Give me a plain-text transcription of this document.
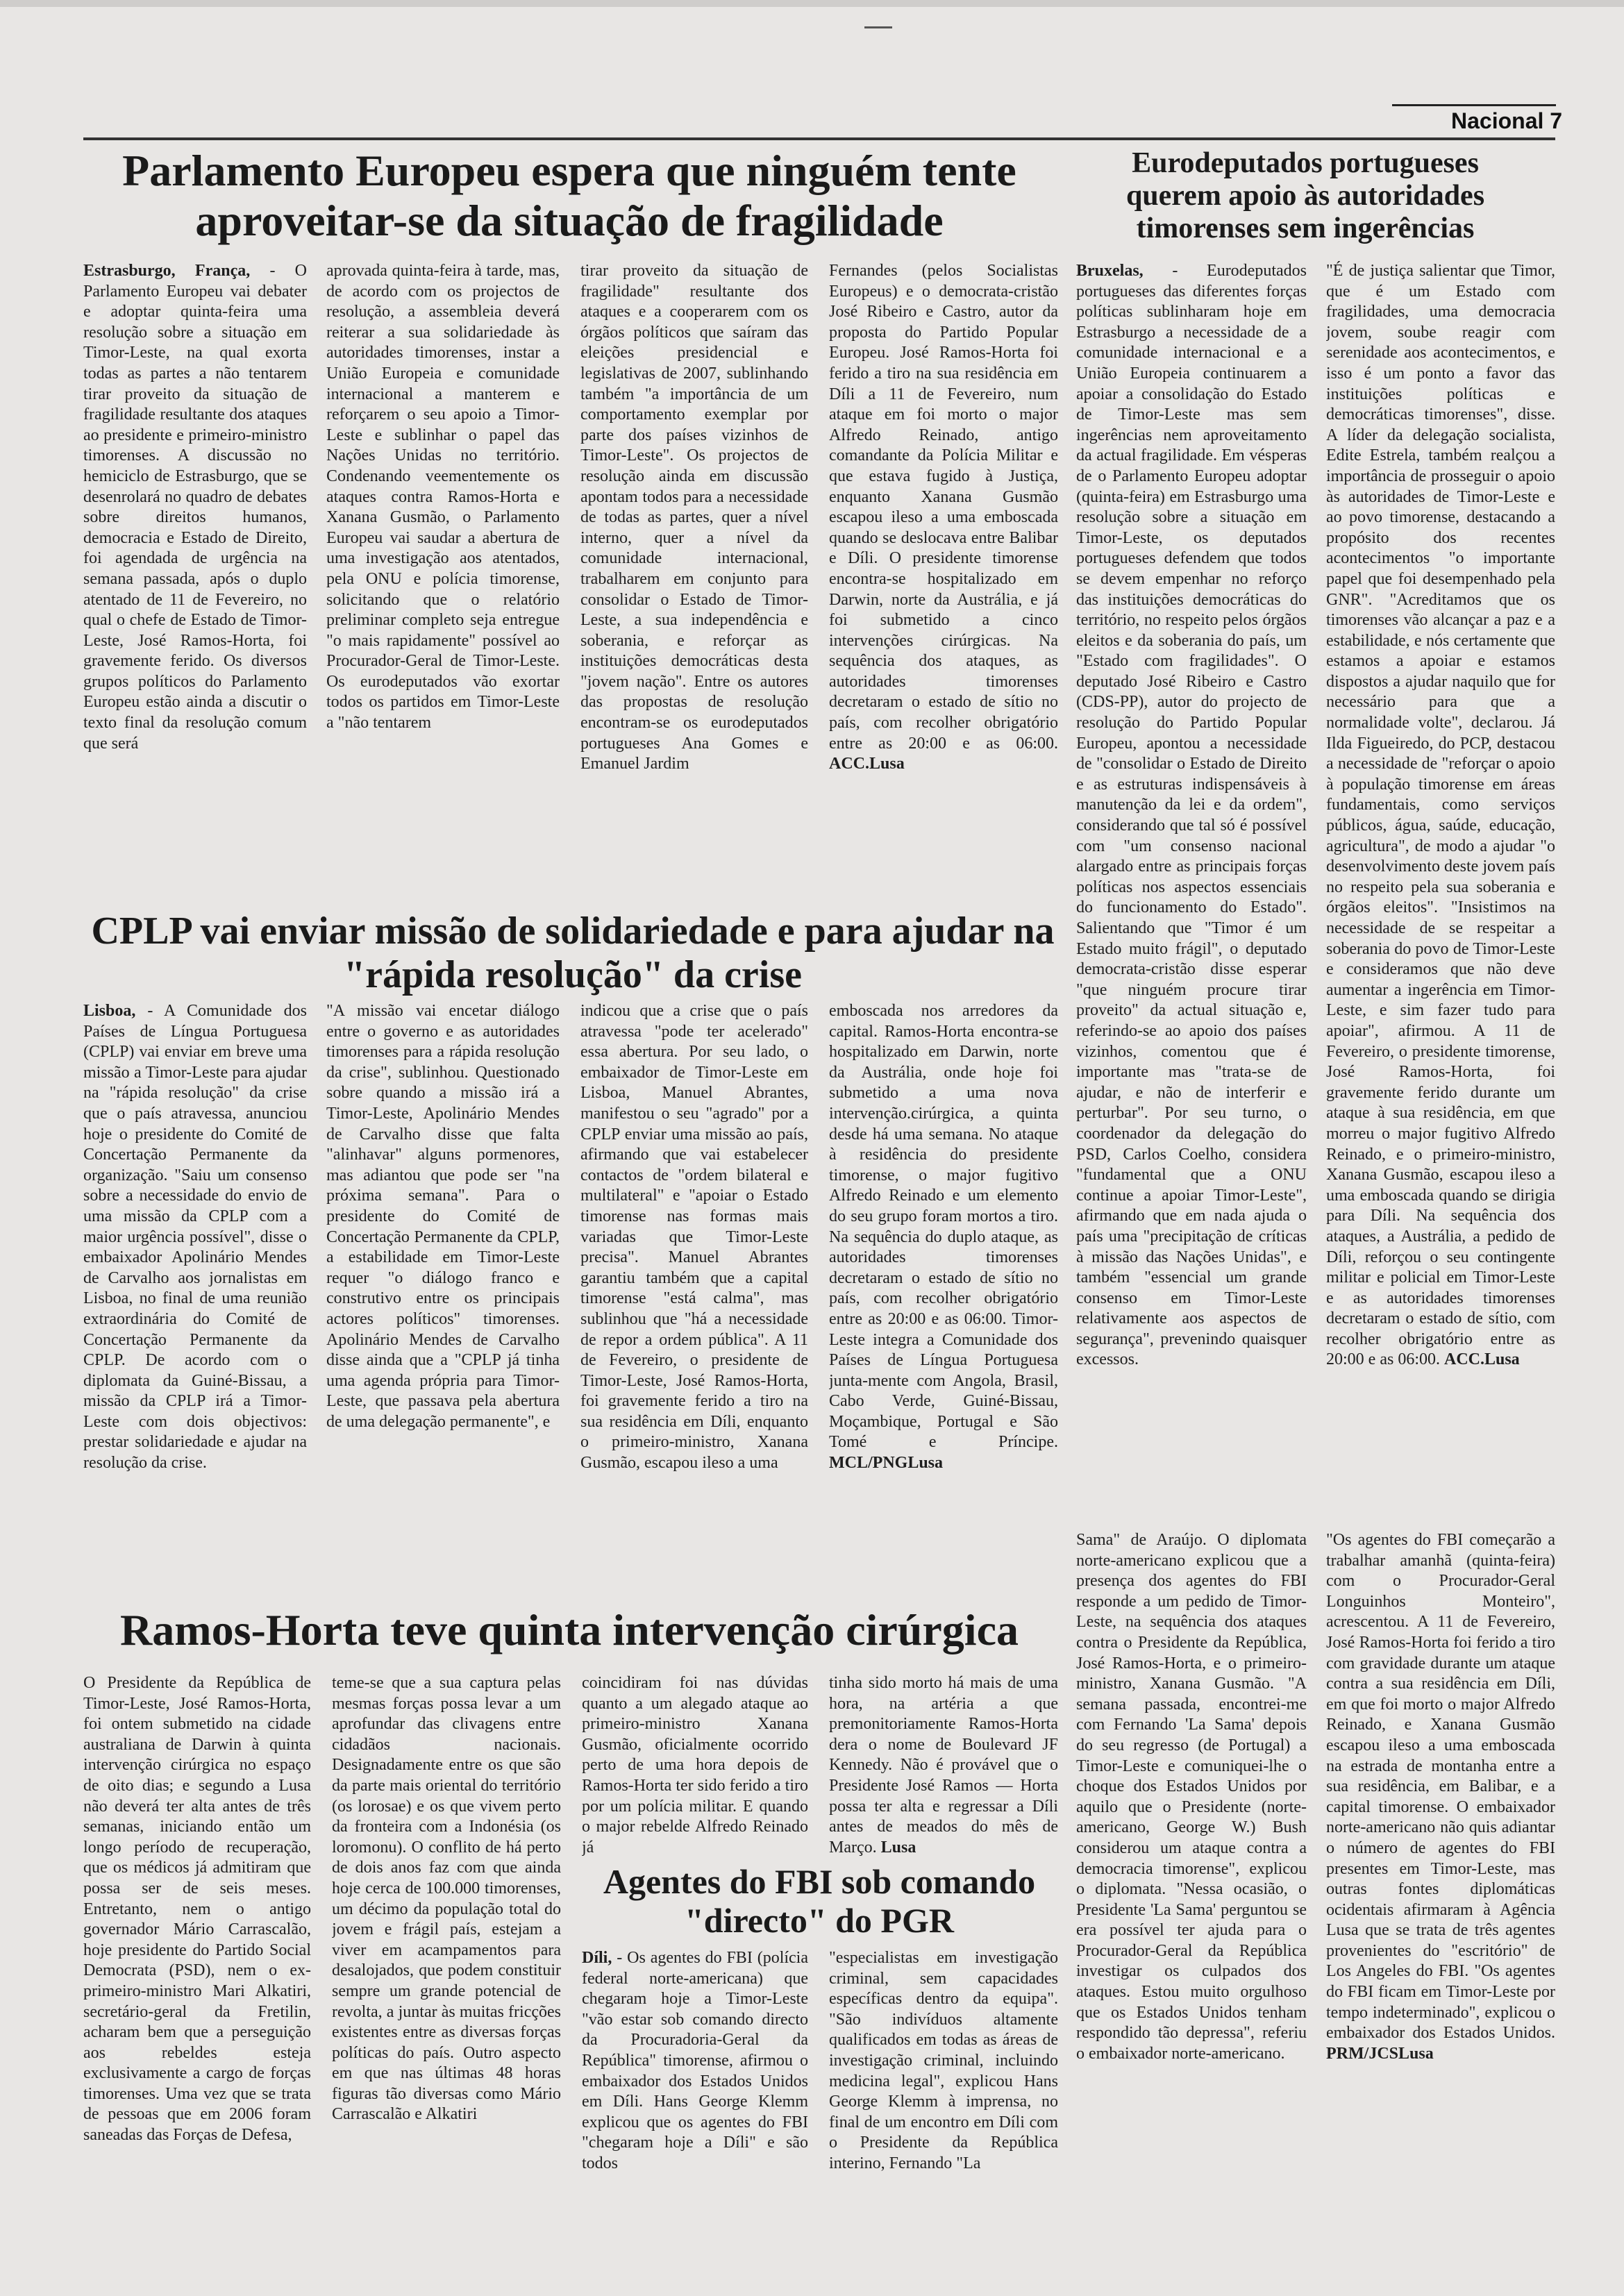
Nacional 7
Parlamento Europeu espera que ninguém tente aproveitar-se da situação de fragilidade

Estrasburgo, França, - O Parlamento Europeu vai debater e adoptar quinta-feira uma resolução sobre a situação em Timor-Leste, na qual exorta todas as partes a não tentarem tirar proveito da situação de fragilidade resultante dos ataques ao presidente e primeiro-ministro timorenses. A discussão no hemiciclo de Estrasburgo, que se desenrolará no quadro de debates sobre direitos humanos, democracia e Estado de Direito, foi agendada de urgência na semana passada, após o duplo atentado de 11 de Fevereiro, no qual o chefe de Estado de Timor-Leste, José Ramos-Horta, foi gravemente ferido. Os diversos grupos políticos do Parlamento Europeu estão ainda a discutir o texto final da resolução comum que será

aprovada quinta-feira à tarde, mas, de acordo com os projectos de resolução, a assembleia deverá reiterar a sua solidariedade às autoridades timorenses, instar a União Europeia e comunidade internacional a manterem e reforçarem o seu apoio a Timor-Leste e sublinhar o papel das Nações Unidas no território. Condenando veementemente os ataques contra Ramos-Horta e Xanana Gusmão, o Parlamento Europeu vai saudar a abertura de uma investigação aos atentados, pela ONU e polícia timorense, solicitando que o relatório preliminar completo seja entregue "o mais rapidamente" possível ao Procurador-Geral de Timor-Leste. Os eurodeputados vão exortar todos os partidos em Timor-Leste a "não tentarem

tirar proveito da situação de fragilidade" resultante dos ataques e a cooperarem com os órgãos políticos que saíram das eleições presidencial e legislativas de 2007, sublinhando também "a importância de um comportamento exemplar por parte dos países vizinhos de Timor-Leste". Os projectos de resolução ainda em discussão apontam todos para a necessidade de todas as partes, quer a nível interno, quer a nível da comunidade internacional, trabalharem em conjunto para consolidar o Estado de Timor-Leste, a sua independência e soberania, e reforçar as instituições democráticas desta "jovem nação". Entre os autores das propostas de resolução encontram-se os eurodeputados portugueses Ana Gomes e Emanuel Jardim

Fernandes (pelos Socialistas Europeus) e o democrata-cristão José Ribeiro e Castro, autor da proposta do Partido Popular Europeu. José Ramos-Horta foi ferido a tiro na sua residência em Díli a 11 de Fevereiro, num ataque em foi morto o major Alfredo Reinado, antigo comandante da Polícia Militar e que estava fugido à Justiça, enquanto Xanana Gusmão escapou ileso a uma emboscada quando se deslocava entre Balibar e Díli. O presidente timorense encontra-se hospitalizado em Darwin, norte da Austrália, e já foi submetido a cinco intervenções cirúrgicas. Na sequência dos ataques, as autoridades timorenses decretaram o estado de sítio no país, com recolher obrigatório entre as 20:00 e as 06:00. ACC.Lusa

Eurodeputados portugueses querem apoio às autoridades timorenses sem ingerências

Bruxelas, - Eurodeputados portugueses das diferentes forças políticas sublinharam hoje em Estrasburgo a necessidade de a comunidade internacional e a União Europeia continuarem a apoiar a consolidação do Estado de Timor-Leste mas sem ingerências nem aproveitamento da actual fragilidade. Em vésperas de o Parlamento Europeu adoptar (quinta-feira) em Estrasburgo uma resolução sobre a situação em Timor-Leste, os deputados portugueses defendem que todos se devem empenhar no reforço das instituições democráticas do território, no respeito pelos órgãos eleitos e da soberania do país, um "Estado com fragilidades". O deputado José Ribeiro e Castro (CDS-PP), autor do projecto de resolução do Partido Popular Europeu, apontou a necessidade de "consolidar o Estado de Direito e as estruturas indispensáveis à manutenção da lei e da ordem", considerando que tal só é possível com "um consenso nacional alargado entre as principais forças políticas nos aspectos essenciais do funcionamento do Estado". Salientando que "Timor é um Estado muito frágil", o deputado democrata-cristão disse esperar "que ninguém procure tirar proveito" da actual situação e, referindo-se ao apoio dos países vizinhos, comentou que é importante mas "trata-se de ajudar, e não de interferir e perturbar". Por seu turno, o coordenador da delegação do PSD, Carlos Coelho, considera "fundamental que a ONU continue a apoiar Timor-Leste", afirmando que em nada ajuda o país uma "precipitação de críticas à missão das Nações Unidas", e também "essencial um grande consenso em Timor-Leste relativamente aos aspectos de segurança", prevenindo quaisquer excessos.

"É de justiça salientar que Timor, que é um Estado com fragilidades, uma democracia jovem, soube reagir com serenidade aos acontecimentos, e isso é um ponto a favor das instituições políticas e democráticas timorenses", disse. A líder da delegação socialista, Edite Estrela, também realçou a importância de prosseguir o apoio às autoridades de Timor-Leste e ao povo timorense, destacando a propósito dos recentes acontecimentos "o importante papel que foi desempenhado pela GNR". "Acreditamos que os timorenses vão alcançar a paz e a estabilidade, e nós certamente que estamos a apoiar e estamos dispostos a ajudar naquilo que for necessário para que a normalidade volte", declarou. Já Ilda Figueiredo, do PCP, destacou a necessidade de "reforçar o apoio à população timorense em áreas fundamentais, como serviços públicos, água, saúde, educação, agricultura", de modo a ajudar "o desenvolvimento deste jovem país no respeito pela sua soberania e órgãos eleitos". "Insistimos na necessidade de se respeitar a soberania do povo de Timor-Leste e consideramos que não deve aumentar a ingerência em Timor-Leste, e sim fazer tudo para apoiar", afirmou. A 11 de Fevereiro, o presidente timorense, José Ramos-Horta, foi gravemente ferido durante um ataque à sua residência, em que morreu o major fugitivo Alfredo Reinado, e o primeiro-ministro, Xanana Gusmão, escapou ileso a uma emboscada quando se dirigia para Díli. Na sequência dos ataques, a Austrália, a pedido de Díli, reforçou o seu contingente militar e policial em Timor-Leste e as autoridades timorenses decretaram o estado de sítio, com recolher obrigatório entre as 20:00 e as 06:00. ACC.Lusa

CPLP vai enviar missão de solidariedade e para ajudar na "rápida resolução" da crise

Lisboa, - A Comunidade dos Países de Língua Portuguesa (CPLP) vai enviar em breve uma missão a Timor-Leste para ajudar na "rápida resolução" da crise que o país atravessa, anunciou hoje o presidente do Comité de Concertação Permanente da organização. "Saiu um consenso sobre a necessidade do envio de uma missão da CPLP com a maior urgência possível", disse o embaixador Apolinário Mendes de Carvalho aos jornalistas em Lisboa, no final de uma reunião extraordinária do Comité de Concertação Permanente da CPLP. De acordo com o diplomata da Guiné-Bissau, a missão da CPLP irá a Timor-Leste com dois objectivos: prestar solidariedade e ajudar na resolução da crise.

"A missão vai encetar diálogo entre o governo e as autoridades timorenses para a rápida resolução da crise", sublinhou. Questionado sobre quando a missão irá a Timor-Leste, Apolinário Mendes de Carvalho disse que falta "alinhavar" alguns pormenores, mas adiantou que pode ser "na próxima semana". Para o presidente do Comité de Concertação Permanente da CPLP, a estabilidade em Timor-Leste requer "o diálogo franco e construtivo entre os principais actores políticos" timorenses. Apolinário Mendes de Carvalho disse ainda que a "CPLP já tinha uma agenda própria para Timor-Leste, que passava pela abertura de uma delegação permanente", e

indicou que a crise que o país atravessa "pode ter acelerado" essa abertura. Por seu lado, o embaixador de Timor-Leste em Lisboa, Manuel Abrantes, manifestou o seu "agrado" por a CPLP enviar uma missão ao país, afirmando que vai estabelecer contactos de "ordem bilateral e multilateral" e "apoiar o Estado timorense nas formas mais variadas que Timor-Leste precisa". Manuel Abrantes garantiu também que a capital timorense "está calma", mas sublinhou que "há a necessidade de repor a ordem pública". A 11 de Fevereiro, o presidente de Timor-Leste, José Ramos-Horta, foi gravemente ferido a tiro na sua residência em Díli, enquanto o primeiro-ministro, Xanana Gusmão, escapou ileso a uma

emboscada nos arredores da capital. Ramos-Horta encontra-se hospitalizado em Darwin, norte da Austrália, onde hoje foi submetido a uma nova intervenção.cirúrgica, a quinta desde há uma semana. No ataque à residência do presidente timorense, o major fugitivo Alfredo Reinado e um elemento do seu grupo foram mortos a tiro. Na sequência do duplo ataque, as autoridades timorenses decretaram o estado de sítio no país, com recolher obrigatório entre as 20:00 e as 06:00. Timor-Leste integra a Comunidade dos Países de Língua Portuguesa junta-mente com Angola, Brasil, Cabo Verde, Guiné-Bissau, Moçambique, Portugal e São Tomé e Príncipe. MCL/PNGLusa

Ramos-Horta teve quinta intervenção cirúrgica

O Presidente da República de Timor-Leste, José Ramos-Horta, foi ontem submetido na cidade australiana de Darwin à quinta intervenção cirúrgica no espaço de oito dias; e segundo a Lusa não deverá ter alta antes de três semanas, iniciando então um longo período de recuperação, que os médicos já admitiram que possa ser de seis meses. Entretanto, nem o antigo governador Mário Carrascalão, hoje presidente do Partido Social Democrata (PSD), nem o ex-primeiro-ministro Mari Alkatiri, secretário-geral da Fretilin, acharam bem que a perseguição aos rebeldes esteja exclusivamente a cargo de forças timorenses. Uma vez que se trata de pessoas que em 2006 foram saneadas das Forças de Defesa,

teme-se que a sua captura pelas mesmas forças possa levar a um aprofundar das clivagens entre cidadãos nacionais. Designadamente entre os que são da parte mais oriental do território (os lorosae) e os que vivem perto da fronteira com a Indonésia (os loromonu). O conflito de há perto de dois anos faz com que ainda hoje cerca de 100.000 timorenses, um décimo da população total do jovem e frágil país, estejam a viver em acampamentos para desalojados, que podem constituir sempre um grande potencial de revolta, a juntar às muitas fricções existentes entre as diversas forças políticas do país. Outro aspecto em que nas últimas 48 horas figuras tão diversas como Mário Carrascalão e Alkatiri

coincidiram foi nas dúvidas quanto a um alegado ataque ao primeiro-ministro Xanana Gusmão, oficialmente ocorrido perto de uma hora depois de Ramos-Horta ter sido ferido a tiro por um polícia militar. E quando o major rebelde Alfredo Reinado já

tinha sido morto há mais de uma hora, na artéria a que premonitoriamente Ramos-Horta dera o nome de Boulevard JF Kennedy. Não é provável que o Presidente José Ramos — Horta possa ter alta e regressar a Díli antes de meados do mês de Março. Lusa

Agentes do FBI sob comando "directo" do PGR

Díli, - Os agentes do FBI (polícia federal norte-americana) que chegaram hoje a Timor-Leste "vão estar sob comando directo da Procuradoria-Geral da República" timorense, afirmou o embaixador dos Estados Unidos em Díli. Hans George Klemm explicou que os agentes do FBI "chegaram hoje a Díli" e são todos

"especialistas em investigação criminal, sem capacidades específicas dentro da equipa". "São indivíduos altamente qualificados em todas as áreas de investigação criminal, incluindo medicina legal", explicou Hans George Klemm à imprensa, no final de um encontro em Díli com o Presidente da República interino, Fernando "La

Sama" de Araújo. O diplomata norte-americano explicou que a presença dos agentes do FBI responde a um pedido de Timor-Leste, na sequência dos ataques contra o Presidente da República, José Ramos-Horta, e o primeiro-ministro, Xanana Gusmão. "A semana passada, encontrei-me com Fernando 'La Sama' depois do seu regresso (de Portugal) a Timor-Leste e comuniquei-lhe o choque dos Estados Unidos por aquilo que o Presidente (norte-americano, George W.) Bush considerou um ataque contra a democracia timorense", explicou o diplomata. "Nessa ocasião, o Presidente 'La Sama' perguntou se era possível ter ajuda para o Procurador-Geral da República investigar os culpados dos ataques. Estou muito orgulhoso que os Estados Unidos tenham respondido tão depressa", referiu o embaixador norte-americano.

"Os agentes do FBI começarão a trabalhar amanhã (quinta-feira) com o Procurador-Geral Longuinhos Monteiro", acrescentou. A 11 de Fevereiro, José Ramos-Horta foi ferido a tiro com gravidade durante um ataque contra a sua residência em Díli, em que foi morto o major Alfredo Reinado, e Xanana Gusmão escapou ileso a uma emboscada na estrada de montanha entre a sua residência, em Balibar, e a capital timorense. O embaixador norte-americano não quis adiantar o número de agentes do FBI presentes em Timor-Leste, mas outras fontes diplomáticas ocidentais afirmaram à Agência Lusa que se trata de três agentes provenientes do "escritório" de Los Angeles do FBI. "Os agentes do FBI ficam em Timor-Leste por tempo indeterminado", explicou o embaixador dos Estados Unidos. PRM/JCSLusa
